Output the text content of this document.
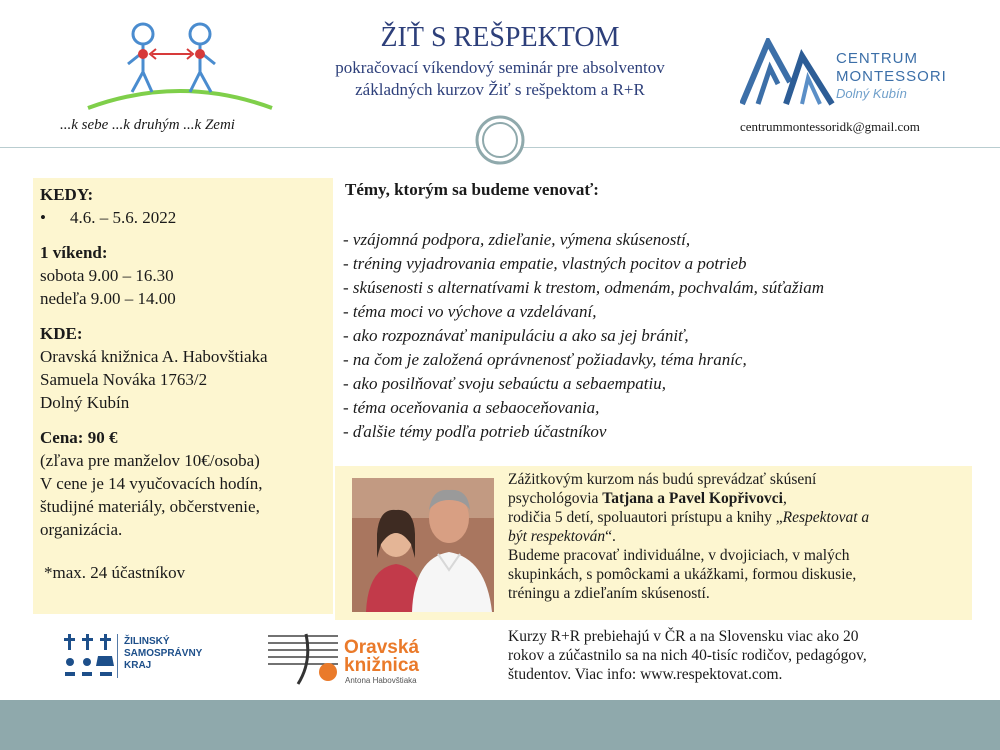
ŽIŤ S REŠPEKTOM
pokračovací víkendový seminár pre absolventov
základných kurzov Žiť s rešpektom a R+R
...k sebe ...k druhým ...k Zemi
CENTRUM
MONTESSORI
Dolný Kubín
centrummontessoridk@gmail.com
KEDY:
•	4.6. – 5.6. 2022
1 víkend:
sobota 9.00 – 16.30
nedeľa 9.00 – 14.00
KDE:
Oravská knižnica A. Habovštiaka
Samuela Nováka 1763/2
Dolný Kubín
Cena: 90 €
(zľava pre manželov 10€/osoba)
V cene je 14 vyučovacích hodín,
študijné materiály, občerstvenie,
organizácia.
*max. 24 účastníkov
Témy, ktorým sa budeme venovať:
- vzájomná podpora, zdieľanie, výmena skúseností,
- tréning vyjadrovania empatie, vlastných pocitov a potrieb
- skúsenosti s alternatívami k trestom, odmenám, pochvalám, súťažiam
- téma moci vo výchove a vzdelávaní,
- ako rozpoznávať manipuláciu a ako sa jej brániť,
- na čom je založená oprávnenosť požiadavky, téma hraníc,
- ako posilňovať svoju sebaúctu a sebaempatiu,
- téma oceňovania a sebaoceňovania,
- ďalšie témy podľa potrieb účastníkov
Zážitkovým kurzom nás budú sprevádzať skúsení
psychológovia Tatjana a Pavel Kopřivovci,
rodičia 5 detí, spoluautori prístupu a knihy „Respektovat a
být respektován“.
Budeme pracovať individuálne, v dvojiciach, v malých
skupinkách, s pomôckami a ukážkami, formou diskusie,
tréningu a zdieľaním skúseností.
Kurzy R+R prebiehajú v ČR a na Slovensku viac ako 20
rokov a zúčastnilo sa na nich 40-tisíc rodičov, pedagógov,
študentov. Viac info: www.respektovat.com.
ŽILINSKÝ
SAMOSPRÁVNY
KRAJ
Oravská
knižnica
Antona Habovštiaka
